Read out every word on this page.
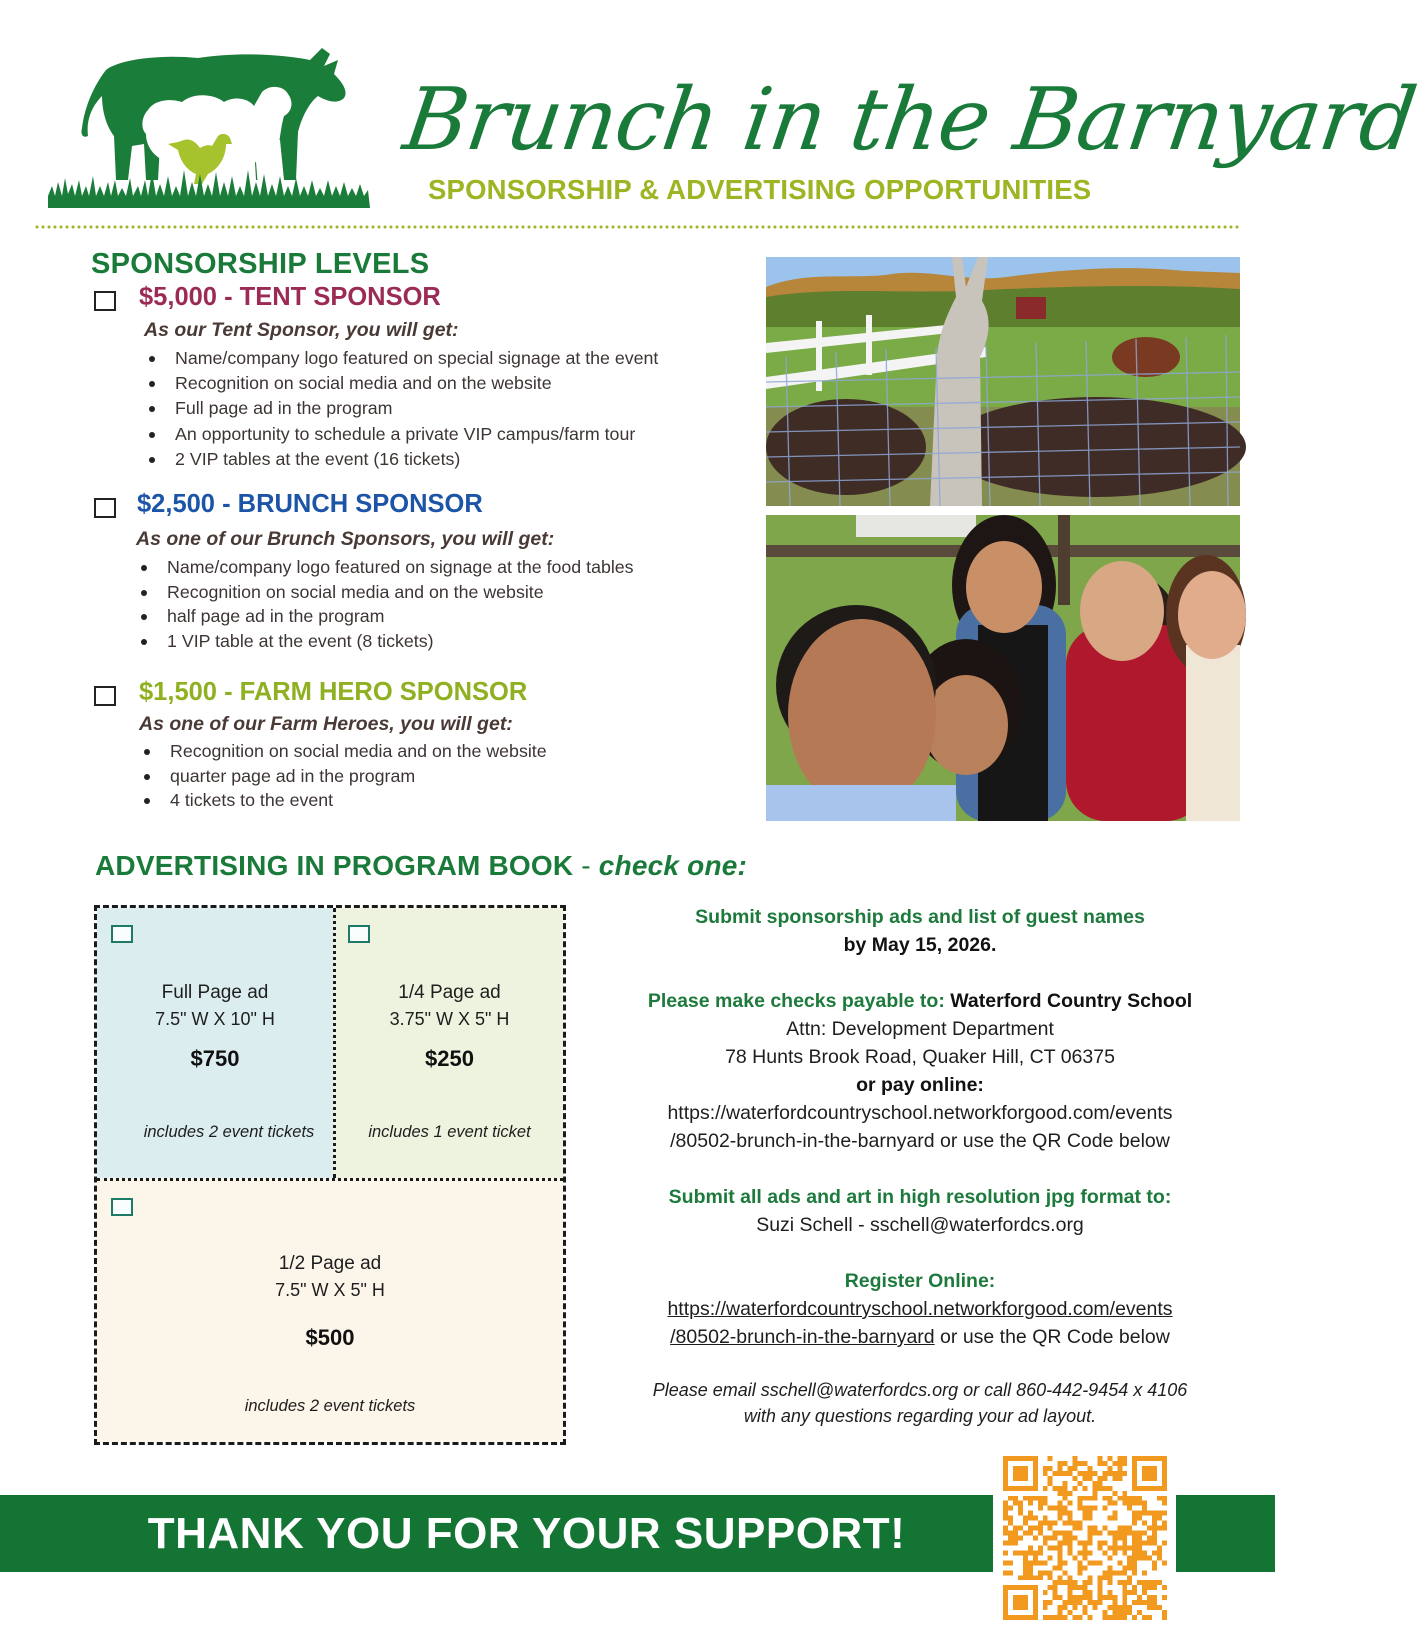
Brunch in the Barnyard
SPONSORSHIP & ADVERTISING OPPORTUNITIES
SPONSORSHIP LEVELS
$5,000 - TENT SPONSOR
As our Tent Sponsor, you will get:
Name/company logo featured on special signage at the event
Recognition on social media and on the website
Full page ad in the program
An opportunity to schedule a private VIP campus/farm tour
2 VIP tables at the event (16 tickets)
$2,500 - BRUNCH SPONSOR
As one of our Brunch Sponsors, you will get:
Name/company logo featured on signage at the food tables
Recognition on social media and on the website
half page ad in the program
1 VIP table at the event (8 tickets)
$1,500 - FARM HERO SPONSOR
As one of our Farm Heroes, you will get:
Recognition on social media and on the website
quarter page ad in the program
4 tickets to the event
ADVERTISING IN PROGRAM BOOK - check one:
Full Page ad
7.5" W X 10" H
$750
includes 2 event tickets
1/4 Page ad
3.75" W X 5" H
$250
includes 1 event ticket
1/2 Page ad
7.5" W X 5" H
$500
includes 2 event tickets

Submit sponsorship ads and list of guest names

by May 15, 2026.

Please make checks payable to: Waterford Country School

Attn: Development Department

78 Hunts Brook Road, Quaker Hill, CT 06375

or pay online:

https://waterfordcountryschool.networkforgood.com/events

/80502-brunch-in-the-barnyard or use the QR Code below

Submit all ads and art in high resolution jpg format to:

Suzi Schell - sschell@waterfordcs.org

Register Online:

https://waterfordcountryschool.networkforgood.com/events

/80502-brunch-in-the-barnyard or use the QR Code below

Please email sschell@waterfordcs.org or call 860-442-9454 x 4106

with any questions regarding your ad layout.

THANK YOU FOR YOUR SUPPORT!
